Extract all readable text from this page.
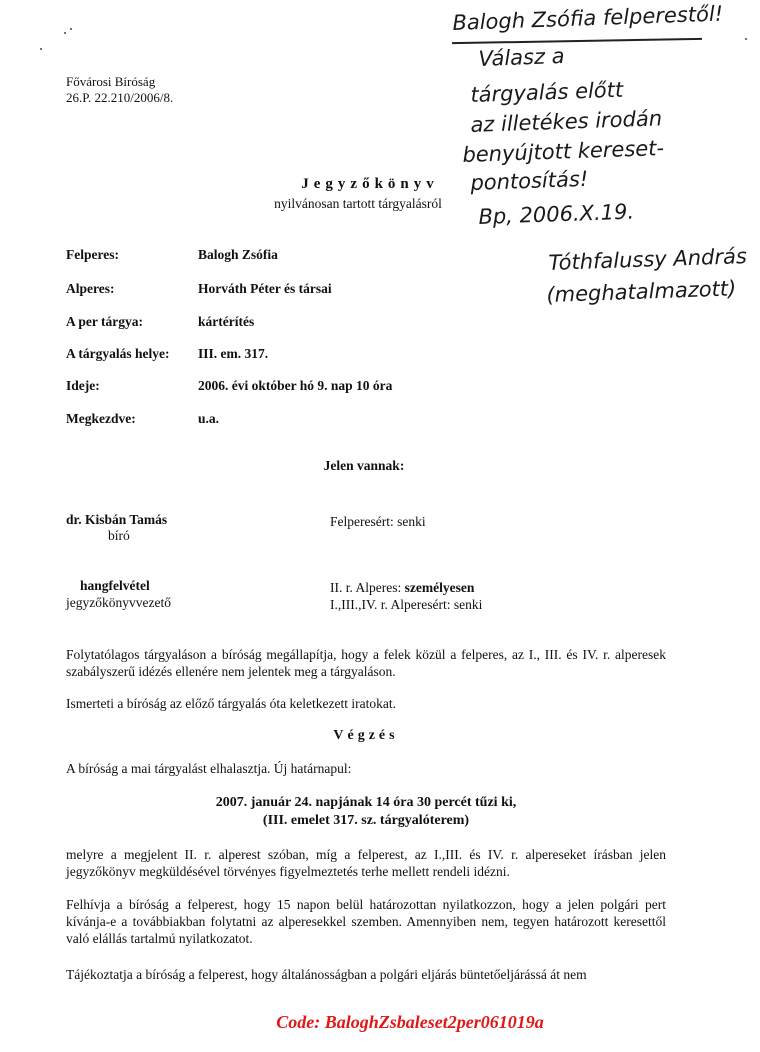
Fővárosi Bíróság
26.P. 22.210/2006/8.
Balogh Zsófia felperestől!
Válasz a
tárgyalás előtt
az illetékes irodán
benyújtott kereset-
pontosítás!
Bp, 2006.X.19.
Tóthfalussy András
(meghatalmazott)
Jegyzőkönyv
nyilvánosan tartott tárgyalásról
Felperes:	Balogh Zsófia
Alperes:	Horváth Péter és társai
A per tárgya:	kártérítés
A tárgyalás helye: III. em. 317.
Ideje:	2006. évi október hó 9. nap 10 óra
Megkezdve:	u.a.
Jelen vannak:
dr. Kisbán Tamás
bíró
Felperesért: senki
hangfelvétel
jegyzőkönyvvezető
II. r. Alperes: személyesen
I.,III.,IV. r. Alperesért: senki
Folytatólagos tárgyaláson a bíróság megállapítja, hogy a felek közül a felperes, az I., III. és IV. r. alperesek szabályszerű idézés ellenére nem jelentek meg a tárgyaláson.
Ismerteti a bíróság az előző tárgyalás óta keletkezett iratokat.
Végzés
A bíróság a mai tárgyalást elhalasztja. Új határnapul:
2007. január 24. napjának 14 óra 30 percét tűzi ki,
(III. emelet 317. sz. tárgyalóterem)
melyre a megjelent II. r. alperest szóban, míg a felperest, az I.,III. és IV. r. alpereseket írásban jelen jegyzőkönyv megküldésével törvényes figyelmeztetés terhe mellett rendeli idézni.
Felhívja a bíróság a felperest, hogy 15 napon belül határozottan nyilatkozzon, hogy a jelen polgári pert kívánja-e a továbbiakban folytatni az alperesekkel szemben. Amennyiben nem, tegyen határozott keresettől való elállás tartalmú nyilatkozatot.
Tájékoztatja a bíróság a felperest, hogy általánosságban a polgári eljárás büntetőeljárássá át nem
Code: BaloghZsbaleset2per061019a
